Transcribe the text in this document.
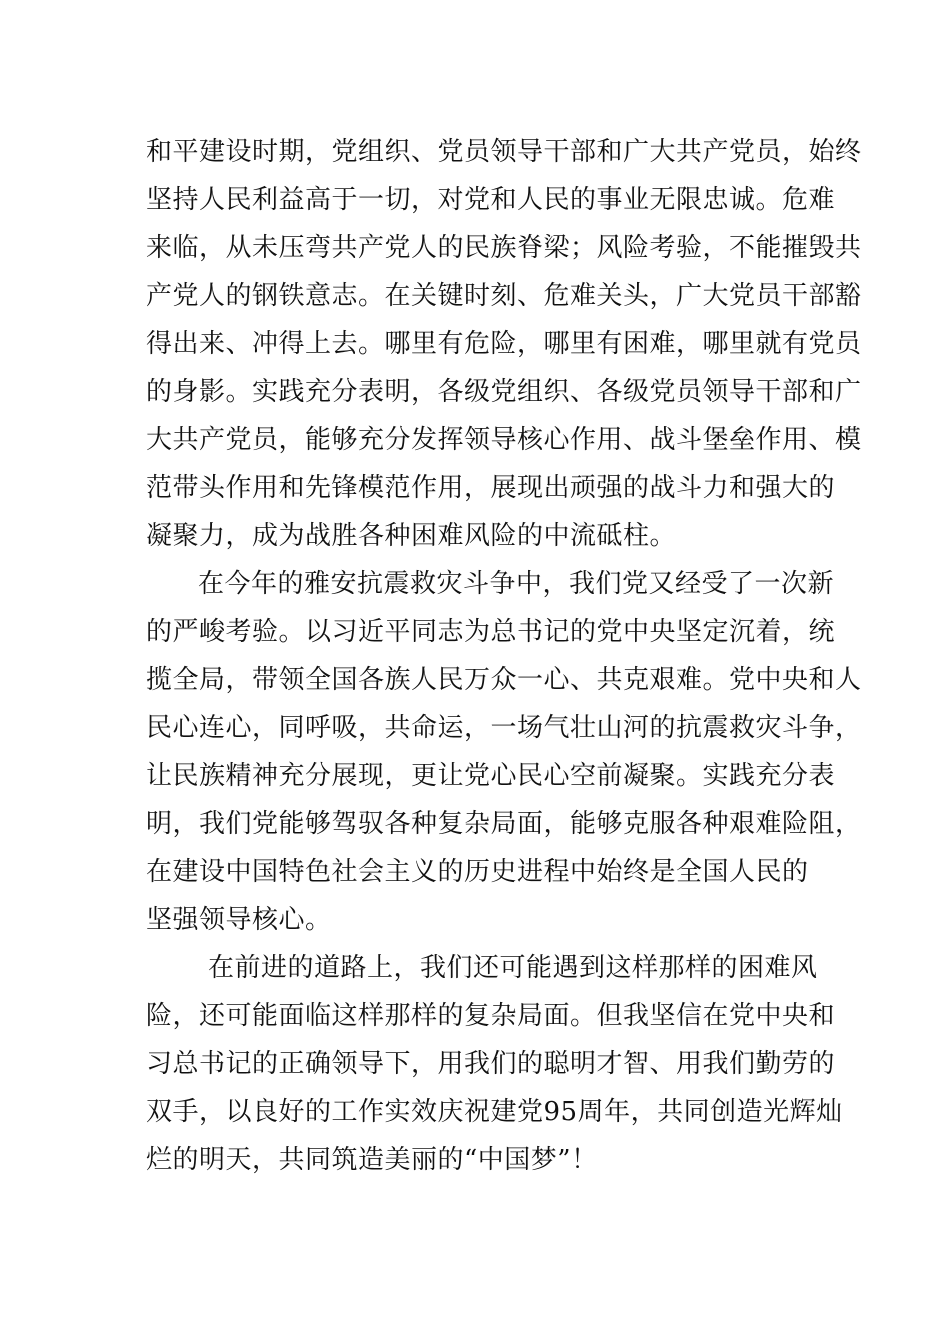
和平建设时期，党组织、党员领导干部和广大共产党员，始终
坚持人民利益高于一切，对党和人民的事业无限忠诚。危难
来临，从未压弯共产党人的民族脊梁；风险考验，不能摧毁共
产党人的钢铁意志。在关键时刻、危难关头，广大党员干部豁
得出来、冲得上去。哪里有危险，哪里有困难，哪里就有党员
的身影。实践充分表明，各级党组织、各级党员领导干部和广
大共产党员，能够充分发挥领导核心作用、战斗堡垒作用、模
范带头作用和先锋模范作用，展现出顽强的战斗力和强大的
凝聚力，成为战胜各种困难风险的中流砥柱。
在今年的雅安抗震救灾斗争中，我们党又经受了一次新
的严峻考验。以习近平同志为总书记的党中央坚定沉着，统
揽全局，带领全国各族人民万众一心、共克艰难。党中央和人
民心连心，同呼吸，共命运，一场气壮山河的抗震救灾斗争，
让民族精神充分展现，更让党心民心空前凝聚。实践充分表
明，我们党能够驾驭各种复杂局面，能够克服各种艰难险阻，
在建设中国特色社会主义的历史进程中始终是全国人民的
坚强领导核心。
在前进的道路上，我们还可能遇到这样那样的困难风
险，还可能面临这样那样的复杂局面。但我坚信在党中央和
习总书记的正确领导下，用我们的聪明才智、用我们勤劳的
双手，以良好的工作实效庆祝建党95周年，共同创造光辉灿
烂的明天，共同筑造美丽的“中国梦”！
